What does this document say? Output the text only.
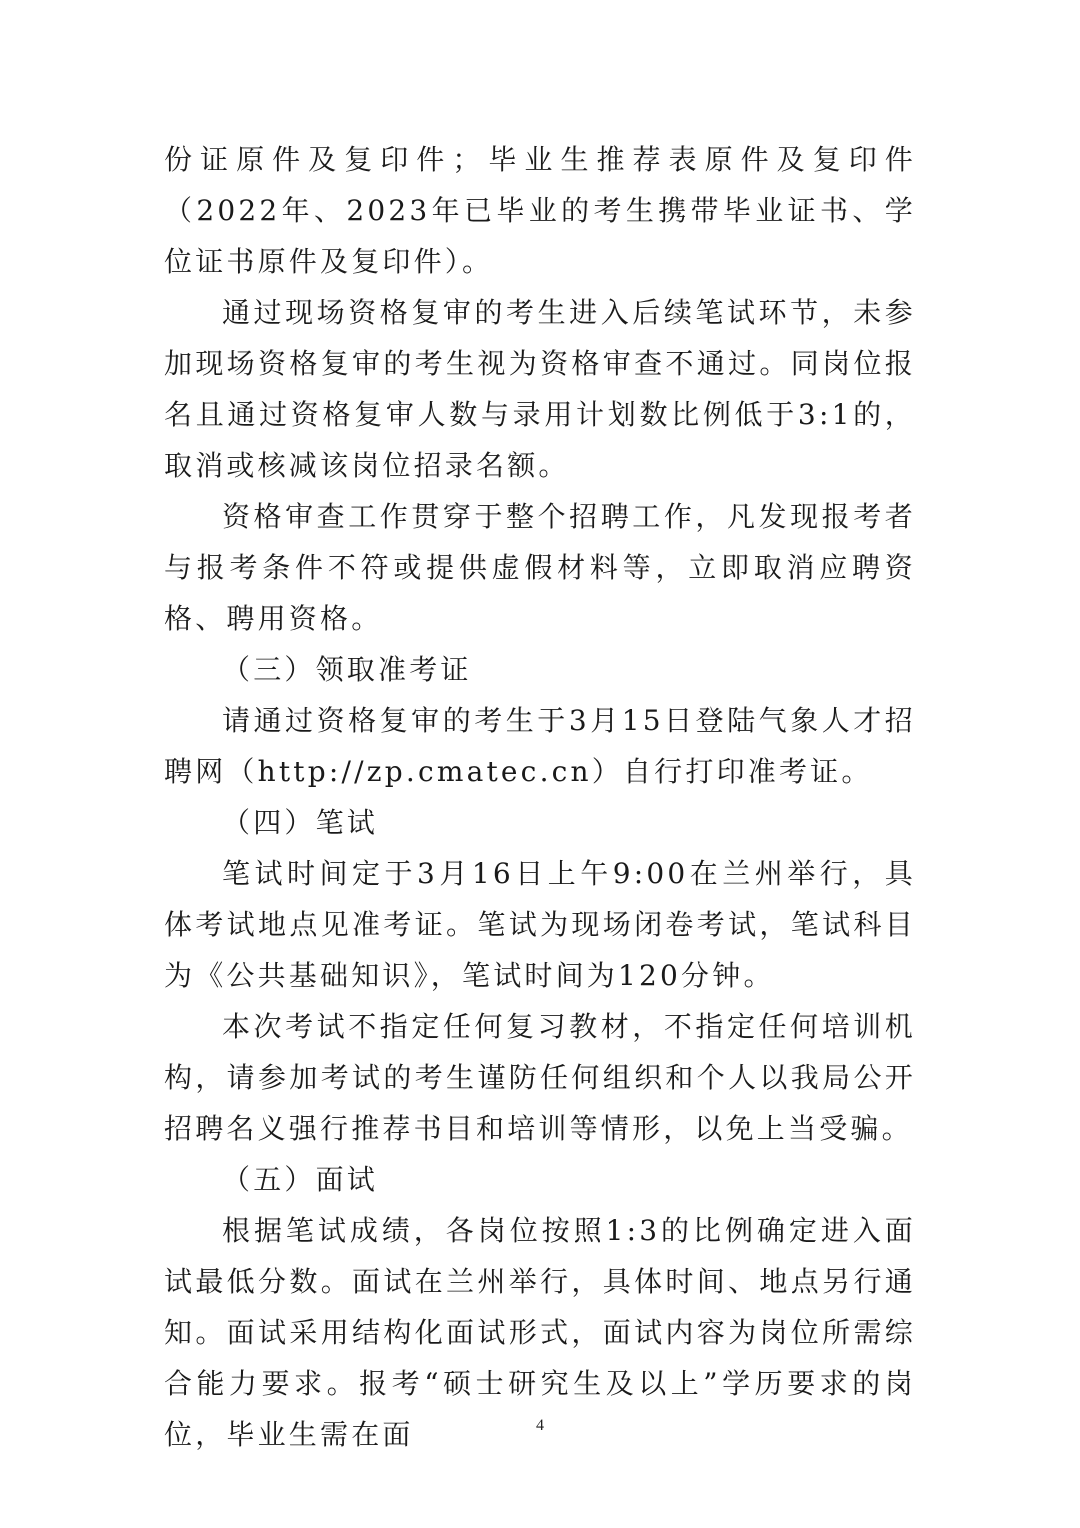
份证原件及复印件；毕业生推荐表原件及复印件（2022年、2023年已毕业的考生携带毕业证书、学位证书原件及复印件）。

通过现场资格复审的考生进入后续笔试环节，未参加现场资格复审的考生视为资格审查不通过。同岗位报名且通过资格复审人数与录用计划数比例低于3:1的，取消或核减该岗位招录名额。

资格审查工作贯穿于整个招聘工作，凡发现报考者与报考条件不符或提供虚假材料等，立即取消应聘资格、聘用资格。

（三）领取准考证

请通过资格复审的考生于3月15日登陆气象人才招聘网（http://zp.cmatec.cn）自行打印准考证。

（四）笔试

笔试时间定于3月16日上午9:00在兰州举行，具体考试地点见准考证。笔试为现场闭卷考试，笔试科目为《公共基础知识》，笔试时间为120分钟。

本次考试不指定任何复习教材，不指定任何培训机构，请参加考试的考生谨防任何组织和个人以我局公开招聘名义强行推荐书目和培训等情形，以免上当受骗。

（五）面试

根据笔试成绩，各岗位按照1:3的比例确定进入面试最低分数。面试在兰州举行，具体时间、地点另行通知。面试采用结构化面试形式，面试内容为岗位所需综合能力要求。报考“硕士研究生及以上”学历要求的岗位，毕业生需在面	4
